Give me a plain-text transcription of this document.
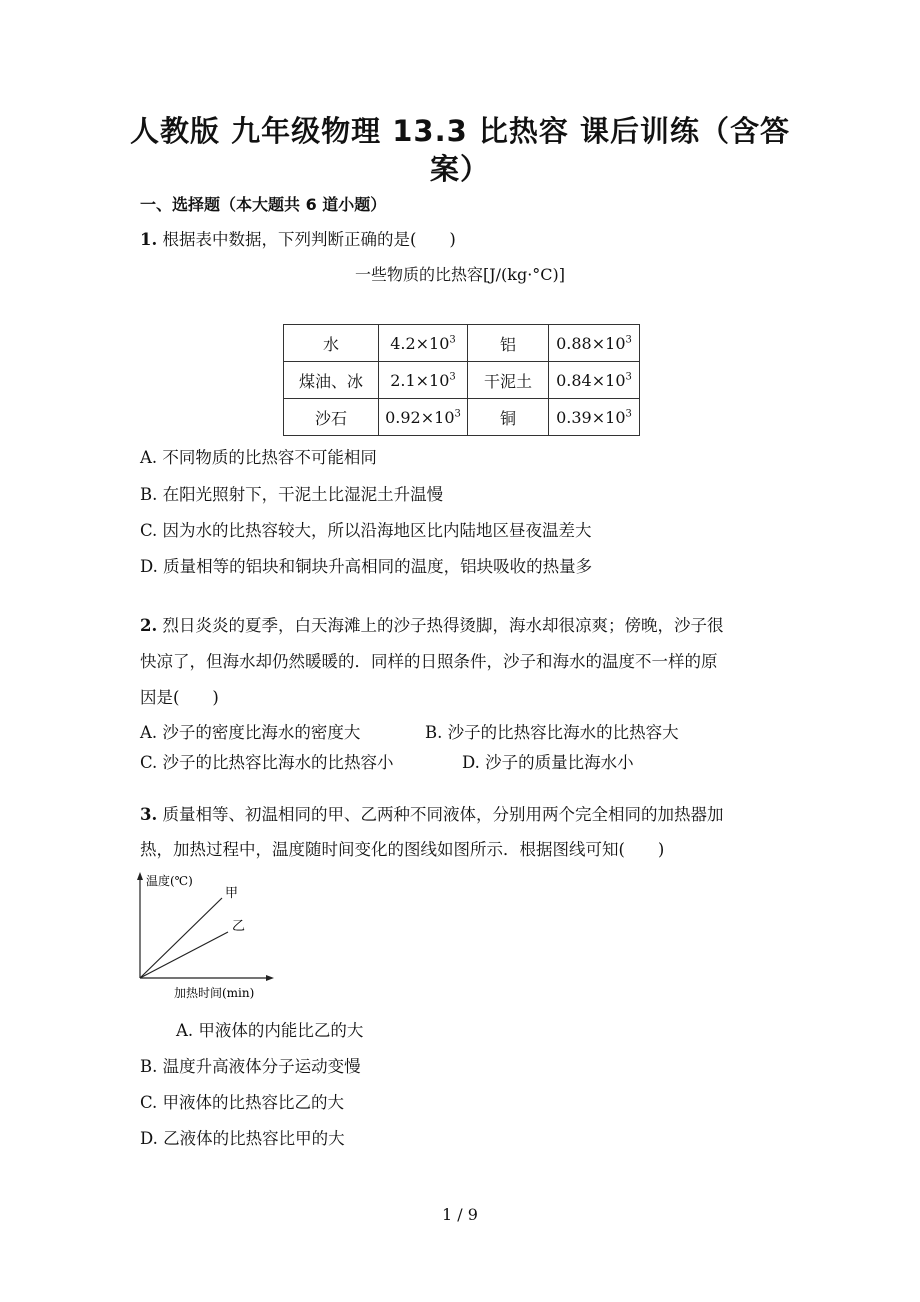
人教版 九年级物理 13.3 比热容 课后训练（含答案）
一、选择题（本大题共 6 道小题）
1. 根据表中数据，下列判断正确的是(　　)
一些物质的比热容[J/(kg·°C)]
水	$4.2\times 10^3$	铝	$0.88\times 10^3$
煤油、冰	$2.1\times 10^3$	干泥土	$0.84\times 10^3$
沙石	$0.92\times 10^3$	铜	$0.39\times 10^3$
A. 不同物质的比热容不可能相同
B. 在阳光照射下，干泥土比湿泥土升温慢
C. 因为水的比热容较大，所以沿海地区比内陆地区昼夜温差大
D. 质量相等的铝块和铜块升高相同的温度，铝块吸收的热量多
2. 烈日炎炎的夏季，白天海滩上的沙子热得烫脚，海水却很凉爽；傍晚，沙子很
快凉了，但海水却仍然暖暖的．同样的日照条件，沙子和海水的温度不一样的原
因是(　　)
A. 沙子的密度比海水的密度大	B. 沙子的比热容比海水的比热容大
C. 沙子的比热容比海水的比热容小	D. 沙子的质量比海水小
3. 质量相等、初温相同的甲、乙两种不同液体，分别用两个完全相同的加热器加
热，加热过程中，温度随时间变化的图线如图所示．根据图线可知(　　)
温度(℃)
甲
乙
加热时间(min)
A. 甲液体的内能比乙的大
B. 温度升高液体分子运动变慢
C. 甲液体的比热容比乙的大
D. 乙液体的比热容比甲的大
1 / 9
